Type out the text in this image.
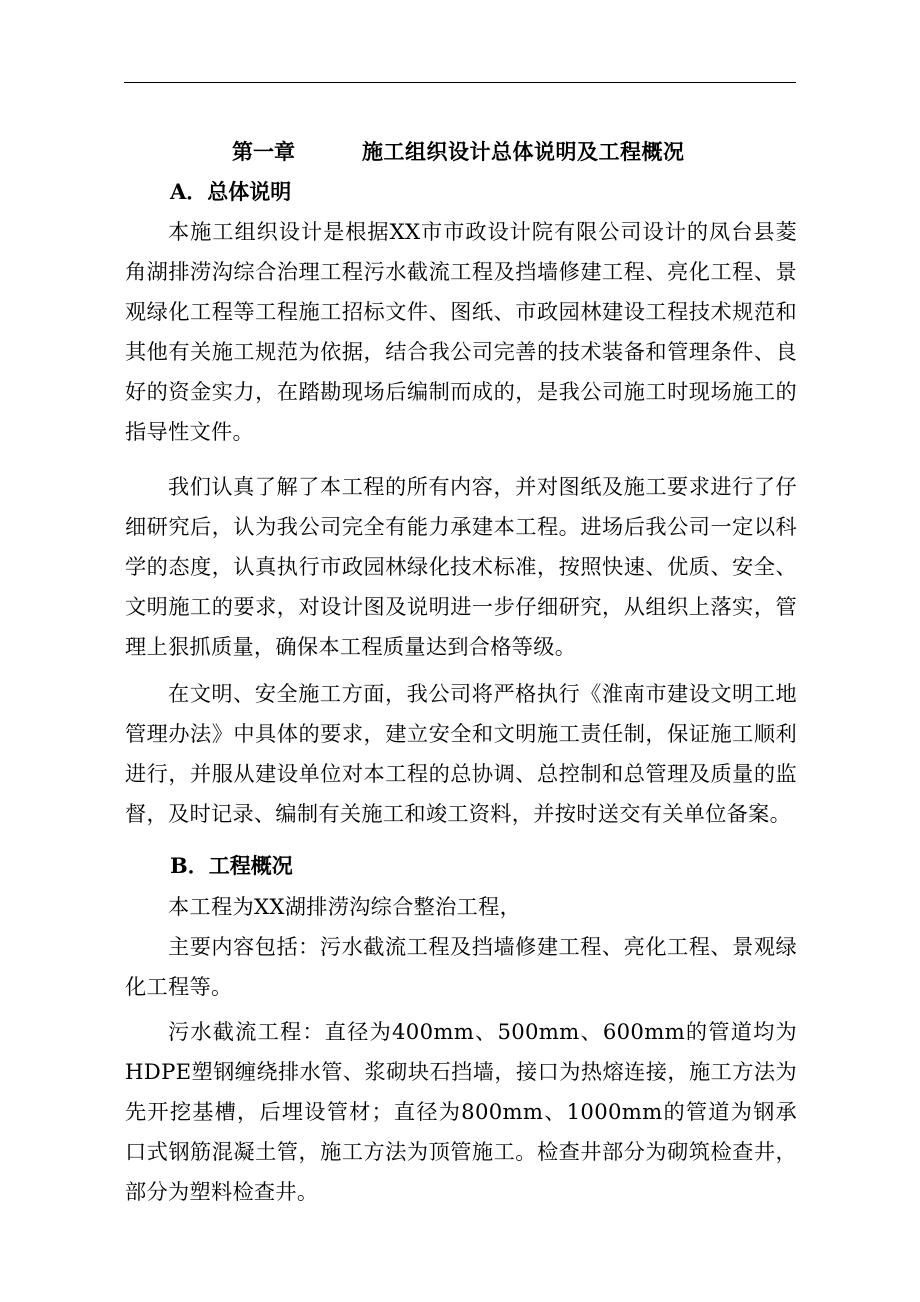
第一章	施工组织设计总体说明及工程概况
A．总体说明

本施工组织设计是根据XX市市政设计院有限公司设计的凤台县菱角湖排涝沟综合治理工程污水截流工程及挡墙修建工程、亮化工程、景观绿化工程等工程施工招标文件、图纸、市政园林建设工程技术规范和其他有关施工规范为依据，结合我公司完善的技术装备和管理条件、良好的资金实力，在踏勘现场后编制而成的，是我公司施工时现场施工的指导性文件。

我们认真了解了本工程的所有内容，并对图纸及施工要求进行了仔细研究后，认为我公司完全有能力承建本工程。进场后我公司一定以科学的态度，认真执行市政园林绿化技术标准，按照快速、优质、安全、文明施工的要求，对设计图及说明进一步仔细研究，从组织上落实，管理上狠抓质量，确保本工程质量达到合格等级。

在文明、安全施工方面，我公司将严格执行《淮南市建设文明工地管理办法》中具体的要求，建立安全和文明施工责任制，保证施工顺利进行，并服从建设单位对本工程的总协调、总控制和总管理及质量的监督，及时记录、编制有关施工和竣工资料，并按时送交有关单位备案。

B．工程概况

本工程为XX湖排涝沟综合整治工程，

主要内容包括：污水截流工程及挡墙修建工程、亮化工程、景观绿化工程等。

污水截流工程：直径为400mm、500mm、600mm的管道均为HDPE塑钢缠绕排水管、浆砌块石挡墙，接口为热熔连接，施工方法为先开挖基槽，后埋设管材；直径为800mm、1000mm的管道为钢承口式钢筋混凝土管，施工方法为顶管施工。检查井部分为砌筑检查井，部分为塑料检查井。
